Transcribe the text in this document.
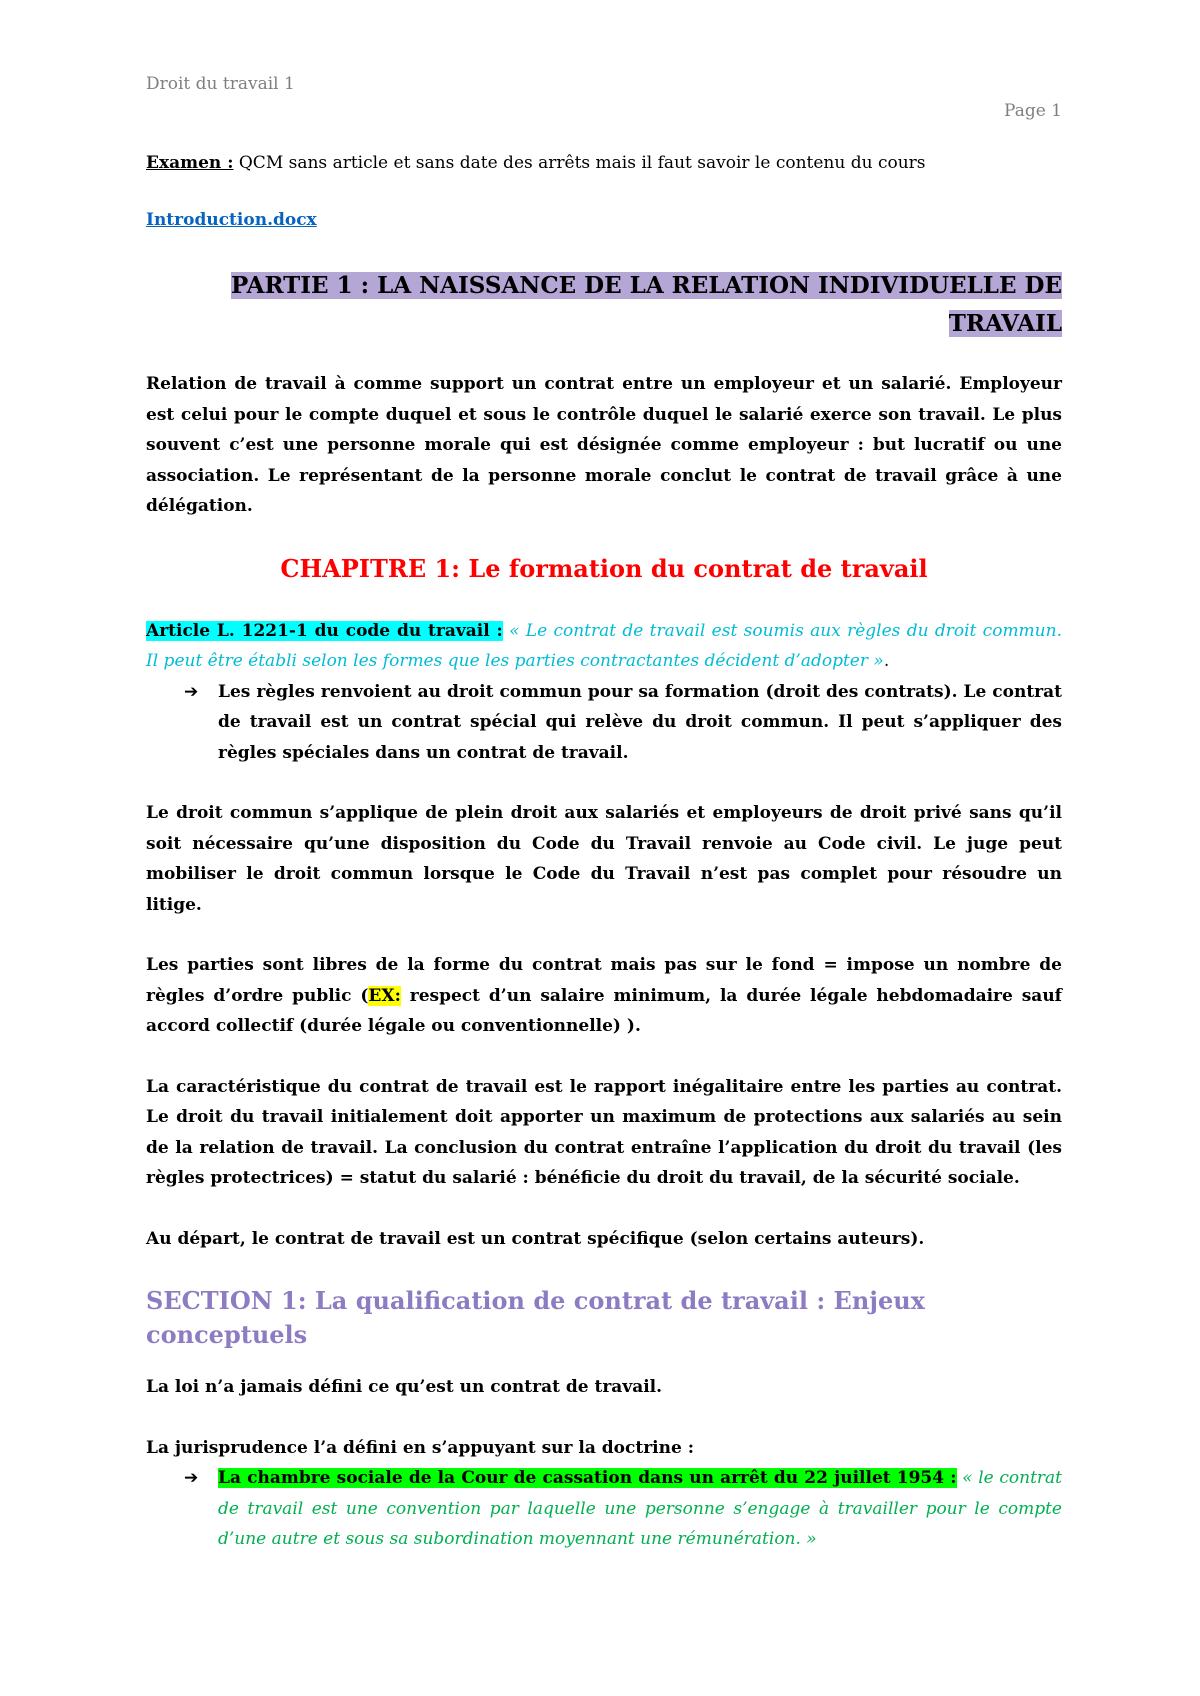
Droit du travail 1
Page 1

Examen : QCM sans article et sans date des arrêts mais il faut savoir le contenu du cours

Introduction.docx
PARTIE 1 : LA NAISSANCE DE LA RELATION INDIVIDUELLE DE
TRAVAIL

Relation de travail à comme support un contrat entre un employeur et un salarié. Employeur est celui pour le compte duquel et sous le contrôle duquel le salarié exerce son travail. Le plus souvent c’est une personne morale qui est désignée comme employeur : but lucratif ou une association. Le représentant de la personne morale conclut le contrat de travail grâce à une délégation.

CHAPITRE 1: Le formation du contrat de travail

Article L. 1221-1 du code du travail : « Le contrat de travail est soumis aux règles du droit commun. Il peut être établi selon les formes que les parties contractantes décident d’adopter ».

➔ Les règles renvoient au droit commun pour sa formation (droit des contrats). Le contrat de travail est un contrat spécial qui relève du droit commun. Il peut s’appliquer des règles spéciales dans un contrat de travail.

Le droit commun s’applique de plein droit aux salariés et employeurs de droit privé sans qu’il soit nécessaire qu’une disposition du Code du Travail renvoie au Code civil. Le juge peut mobiliser le droit commun lorsque le Code du Travail n’est pas complet pour résoudre un litige.

Les parties sont libres de la forme du contrat mais pas sur le fond = impose un nombre de règles d’ordre public (EX: respect d’un salaire minimum, la durée légale hebdomadaire sauf accord collectif (durée légale ou conventionnelle) ).

La caractéristique du contrat de travail est le rapport inégalitaire entre les parties au contrat. Le droit du travail initialement doit apporter un maximum de protections aux salariés au sein de la relation de travail. La conclusion du contrat entraîne l’application du droit du travail (les règles protectrices) = statut du salarié : bénéficie du droit du travail, de la sécurité sociale.

Au départ, le contrat de travail est un contrat spécifique (selon certains auteurs).

SECTION 1: La qualification de contrat de travail : Enjeux conceptuels

La loi n’a jamais défini ce qu’est un contrat de travail.

La jurisprudence l’a défini en s’appuyant sur la doctrine :

➔ La chambre sociale de la Cour de cassation dans un arrêt du 22 juillet 1954 : « le contrat de travail est une convention par laquelle une personne s’engage à travailler pour le compte d’une autre et sous sa subordination moyennant une rémunération. »
